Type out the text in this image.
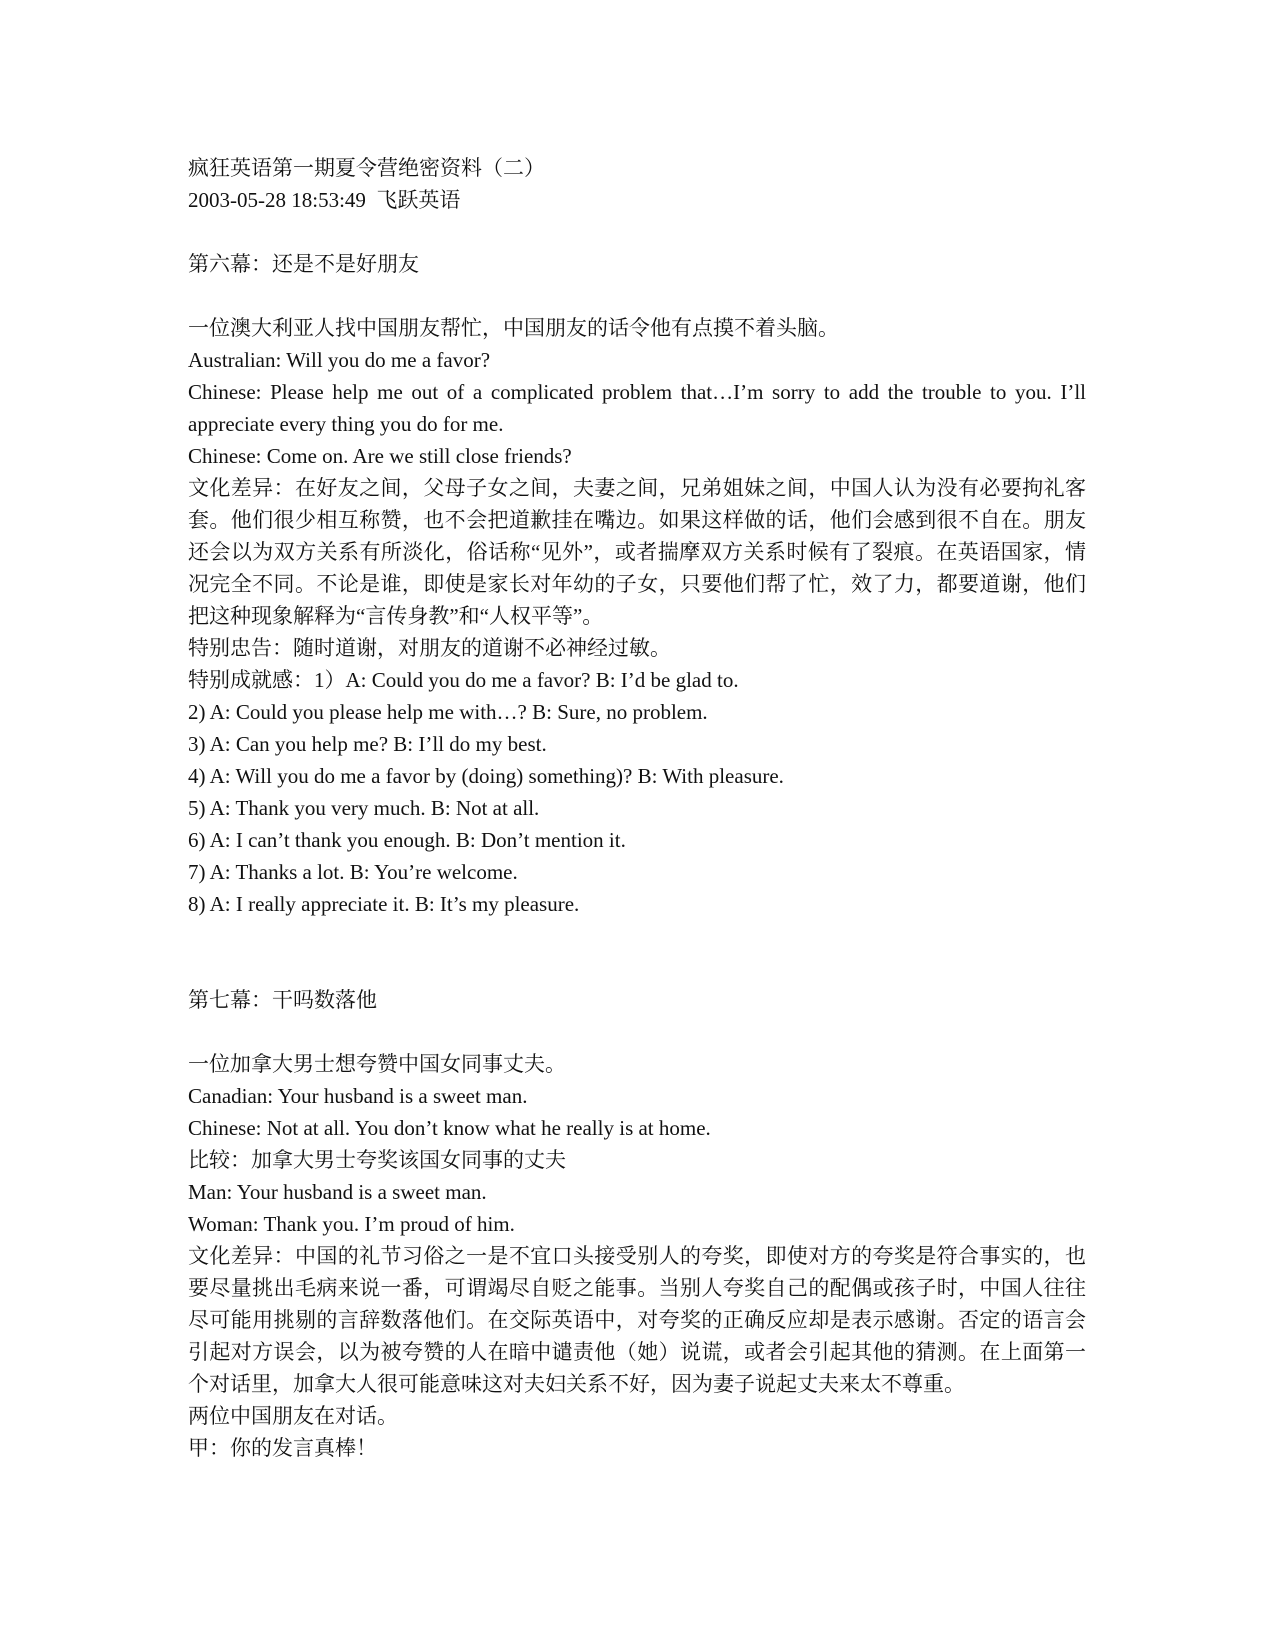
疯狂英语第一期夏令营绝密资料（二）
2003-05-28 18:53:49  飞跃英语
第六幕：还是不是好朋友
一位澳大利亚人找中国朋友帮忙，中国朋友的话令他有点摸不着头脑。
Australian: Will you do me a favor?
Chinese: Please help me out of a complicated problem that…I’m sorry to add the trouble to you. I’ll appreciate every thing you do for me.
Chinese: Come on. Are we still close friends?
文化差异：在好友之间，父母子女之间，夫妻之间，兄弟姐妹之间，中国人认为没有必要拘礼客套。他们很少相互称赞，也不会把道歉挂在嘴边。如果这样做的话，他们会感到很不自在。朋友还会以为双方关系有所淡化，俗话称“见外”，或者揣摩双方关系时候有了裂痕。在英语国家，情况完全不同。不论是谁，即使是家长对年幼的子女，只要他们帮了忙，效了力，都要道谢，他们把这种现象解释为“言传身教”和“人权平等”。
特别忠告：随时道谢，对朋友的道谢不必神经过敏。
特别成就感：1）A: Could you do me a favor? B: I’d be glad to.
2) A: Could you please help me with…? B: Sure, no problem.
3) A: Can you help me? B: I’ll do my best.
4) A: Will you do me a favor by (doing) something)? B: With pleasure.
5) A: Thank you very much. B: Not at all.
6) A: I can’t thank you enough. B: Don’t mention it.
7) A: Thanks a lot. B: You’re welcome.
8) A: I really appreciate it. B: It’s my pleasure.
第七幕：干吗数落他
一位加拿大男士想夸赞中国女同事丈夫。
Canadian: Your husband is a sweet man.
Chinese: Not at all. You don’t know what he really is at home.
比较：加拿大男士夸奖该国女同事的丈夫
Man: Your husband is a sweet man.
Woman: Thank you. I’m proud of him.
文化差异：中国的礼节习俗之一是不宜口头接受别人的夸奖，即使对方的夸奖是符合事实的，也要尽量挑出毛病来说一番，可谓竭尽自贬之能事。当别人夸奖自己的配偶或孩子时，中国人往往尽可能用挑剔的言辞数落他们。在交际英语中，对夸奖的正确反应却是表示感谢。否定的语言会引起对方误会，以为被夸赞的人在暗中谴责他（她）说谎，或者会引起其他的猜测。在上面第一个对话里，加拿大人很可能意味这对夫妇关系不好，因为妻子说起丈夫来太不尊重。
两位中国朋友在对话。
甲：你的发言真棒！
